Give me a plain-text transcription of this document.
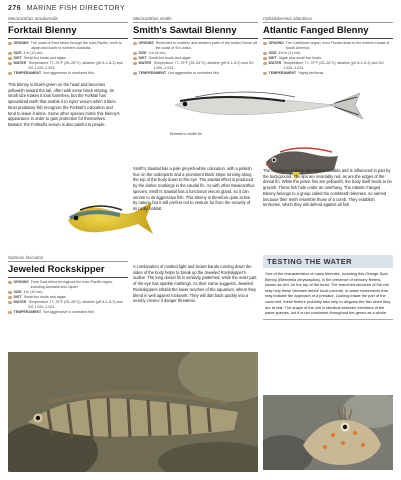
276 MARINE FISH DIRECTORY
Meiacanthus atrodorsalis
Forktail Blenny
ORIGINS The coast of East Africa through the Indo-Pacific, north to Japan and south to northern Australia.
SIZE 4 in (10 cm).
DIET Small live foods and algae.
WATER Temperature 77–79°F (25–26°C); alkaline (pH 8.1–8.3) and SG 1.020–1.024.
TEMPERAMENT Not aggressive to unrelated fish.
This blenny is bluish-green on the head and becomes yellowish toward the tail, often with some black striping. Its small size makes it look harmless, but the Forktail has specialized teeth that enable it to inject venom when it bites. Most predatory fish recognize the Forktail's coloration and tend to leave it alone. Some other species mimic this blenny's appearance in order to gain protection for themselves. Beware: the Forktail's venom is also painful to people.
Meiacanthus smithi
Smith's Sawtail Blenny
ORIGINS Restricted to northern and western parts of the Indian Ocean off the coast of Sri Lanka.
SIZE 3 in (8 cm).
DIET Small live foods and algae.
WATER Temperature 77–79°F (25–26°C); alkaline (pH 8.1–8.3) and SG 1.020–1.024.
TEMPERAMENT Not aggressive to unrelated fish.
Breeders model fin
Smith's Sawtail has a pale greyish-white coloration, with a pinkish hue on the underparts and a prominent black stripe running along the top of the body down to the eye. The sawtail effect is produced by the darker markings in the caudal fin. As with other Meiacanthus species, Smith's Sawtail has a functional venom gland, so it can venom to its aggressive fish. This blenny is therefore quite active by nature, but it still prefers not to venture far from the security of its rocky habitat.
Ophioblennius atlanticus
Atlantic Fanged Blenny
ORIGINS The Caribbean region, from Florida down to the northern coast of South America.
SIZE 4½ in (11 cm).
DIET Algae plus small live foods.
WATER Temperature 77–79°F (25–26°C); alkaline (pH 8.1–8.3) and SG 1.020–1.024.
TEMPERAMENT Highly territorial.
The coloration of these blennies is variable and is influenced in part by the background. The lips are invariably red, as are the edges of the dorsal fin. While the pelvic fins are yellowish, the body itself tends to be greyish. These fish hide under an overhang. The Atlantic Fanged Blenny belongs to a group called the combteeth blennies, so named because their teeth resemble those of a comb. They establish territories, which they will defend against all fish.
Salarias fasciatus
Jeweled Rockskipper
ORIGINS From East Africa throughout the Indo-Pacific region, including Australia and Japan.
SIZE 4 in (10 cm).
DIET Small live foods and algae.
WATER Temperature 77–79°F (25–26°C); alkaline (pH 8.1–8.3) and SG 1.020–1.024.
TEMPERAMENT Not aggressive to unrelated fish.
A combination of mottled light and brown bands running down the sides of the body helps to break up the Jeweled Rockskipper's outline. The long dorsal fin is similarly patterned, while the outer part of the eye has sparkle markings. As their name suggests, Jeweled Rockskippers inhabit the lower reaches of the aquarium, where they blend in well against rockwork. They will dart back quickly into a nearby crevice if danger threatens.
TESTING THE WATER
One of the characteristics of many blennies, including this Orange-Spot Blenny (Blenniella chrysospilos), is the presence of sensory feelers, known as cirri, on the top of the head. The branched structure of the cirri may help these blennies detect local currents, or water movements that may indicate the approach of a predator. Looking inside the part of the coral reef, these feelers probably also help to disguise the fish when they are at rest. The shape of the cirri is identical between members of the same species, but it is not consistent throughout the genus as a whole.
